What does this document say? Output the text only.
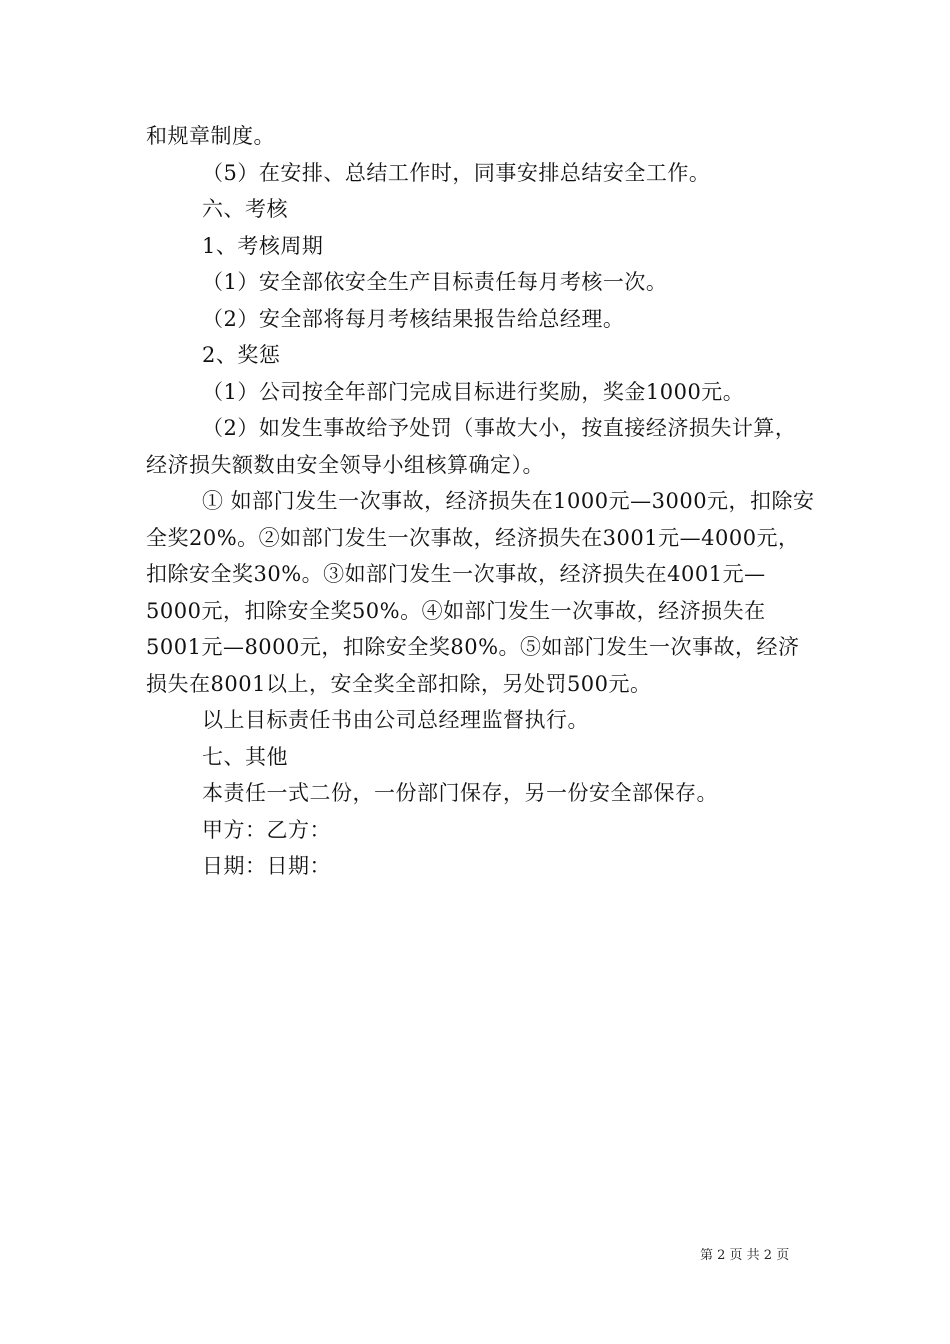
和规章制度。

（5）在安排、总结工作时，同事安排总结安全工作。

六、考核

1、考核周期

（1）安全部依安全生产目标责任每月考核一次。

（2）安全部将每月考核结果报告给总经理。

2、奖惩

（1）公司按全年部门完成目标进行奖励，奖金1000元。

（2）如发生事故给予处罚（事故大小，按直接经济损失计算，经济损失额数由安全领导小组核算确定）。

① 如部门发生一次事故，经济损失在1000元—3000元，扣除安全奖20%。②如部门发生一次事故，经济损失在3001元—4000元，扣除安全奖30%。③如部门发生一次事故，经济损失在4001元—5000元，扣除安全奖50%。④如部门发生一次事故，经济损失在5001元—8000元，扣除安全奖80%。⑤如部门发生一次事故，经济损失在8001以上，安全奖全部扣除，另处罚500元。

以上目标责任书由公司总经理监督执行。

七、其他

本责任一式二份，一份部门保存，另一份安全部保存。

甲方：乙方：

日期：日期：

第 2 页 共 2 页
